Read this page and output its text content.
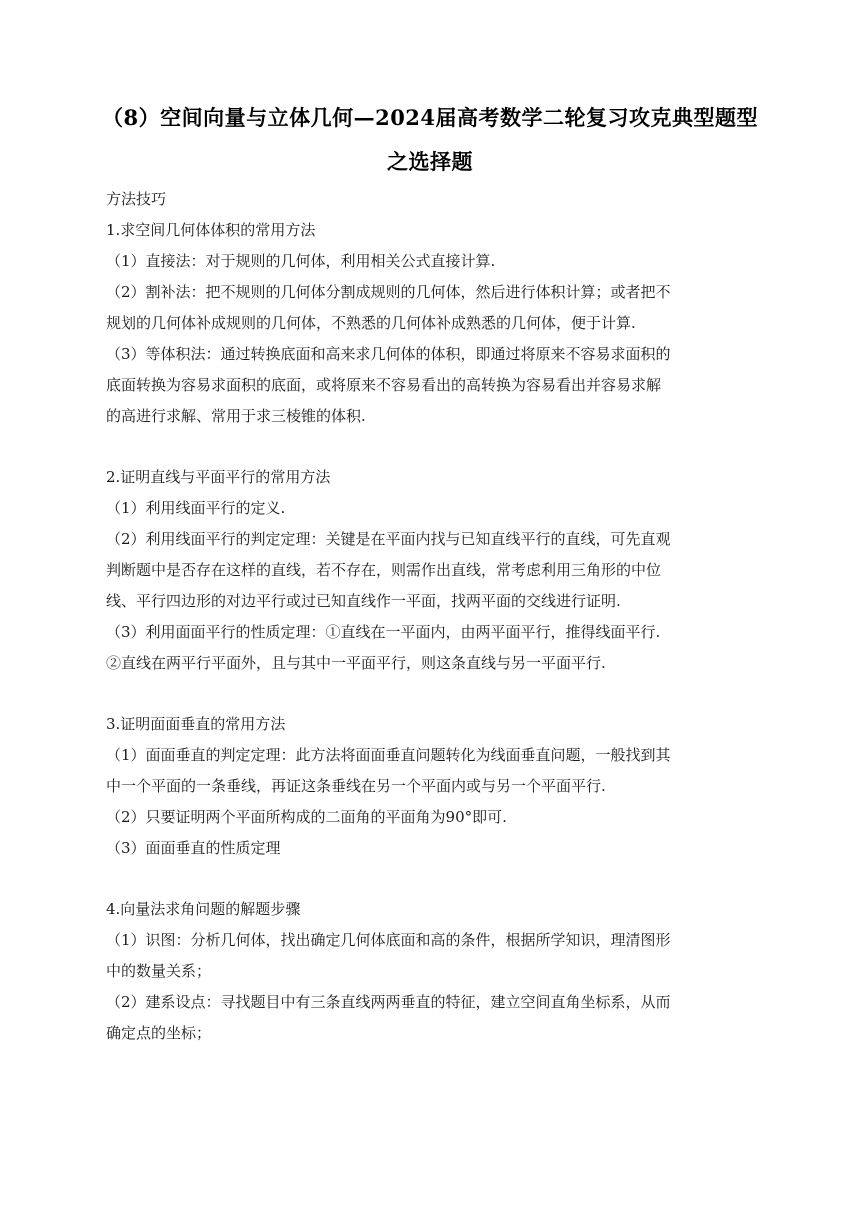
（8）空间向量与立体几何—2024届高考数学二轮复习攻克典型题型
之选择题
方法技巧
1.求空间几何体体积的常用方法
（1）直接法：对于规则的几何体，利用相关公式直接计算.
（2）割补法：把不规则的几何体分割成规则的几何体，然后进行体积计算；或者把不
规划的几何体补成规则的几何体，不熟悉的几何体补成熟悉的几何体，便于计算.
（3）等体积法：通过转换底面和高来求几何体的体积，即通过将原来不容易求面积的
底面转换为容易求面积的底面，或将原来不容易看出的高转换为容易看出并容易求解
的高进行求解、常用于求三棱锥的体积.
2.证明直线与平面平行的常用方法
（1）利用线面平行的定义.
（2）利用线面平行的判定定理：关键是在平面内找与已知直线平行的直线，可先直观
判断题中是否存在这样的直线，若不存在，则需作出直线，常考虑利用三角形的中位
线、平行四边形的对边平行或过已知直线作一平面，找两平面的交线进行证明.
（3）利用面面平行的性质定理：①直线在一平面内，由两平面平行，推得线面平行.
②直线在两平行平面外，且与其中一平面平行，则这条直线与另一平面平行.
3.证明面面垂直的常用方法
（1）面面垂直的判定定理：此方法将面面垂直问题转化为线面垂直问题，一般找到其
中一个平面的一条垂线，再证这条垂线在另一个平面内或与另一个平面平行.
（2）只要证明两个平面所构成的二面角的平面角为90°即可.
（3）面面垂直的性质定理
4.向量法求角问题的解题步骤
（1）识图：分析几何体，找出确定几何体底面和高的条件，根据所学知识，理清图形
中的数量关系；
（2）建系设点：寻找题目中有三条直线两两垂直的特征，建立空间直角坐标系，从而
确定点的坐标；
